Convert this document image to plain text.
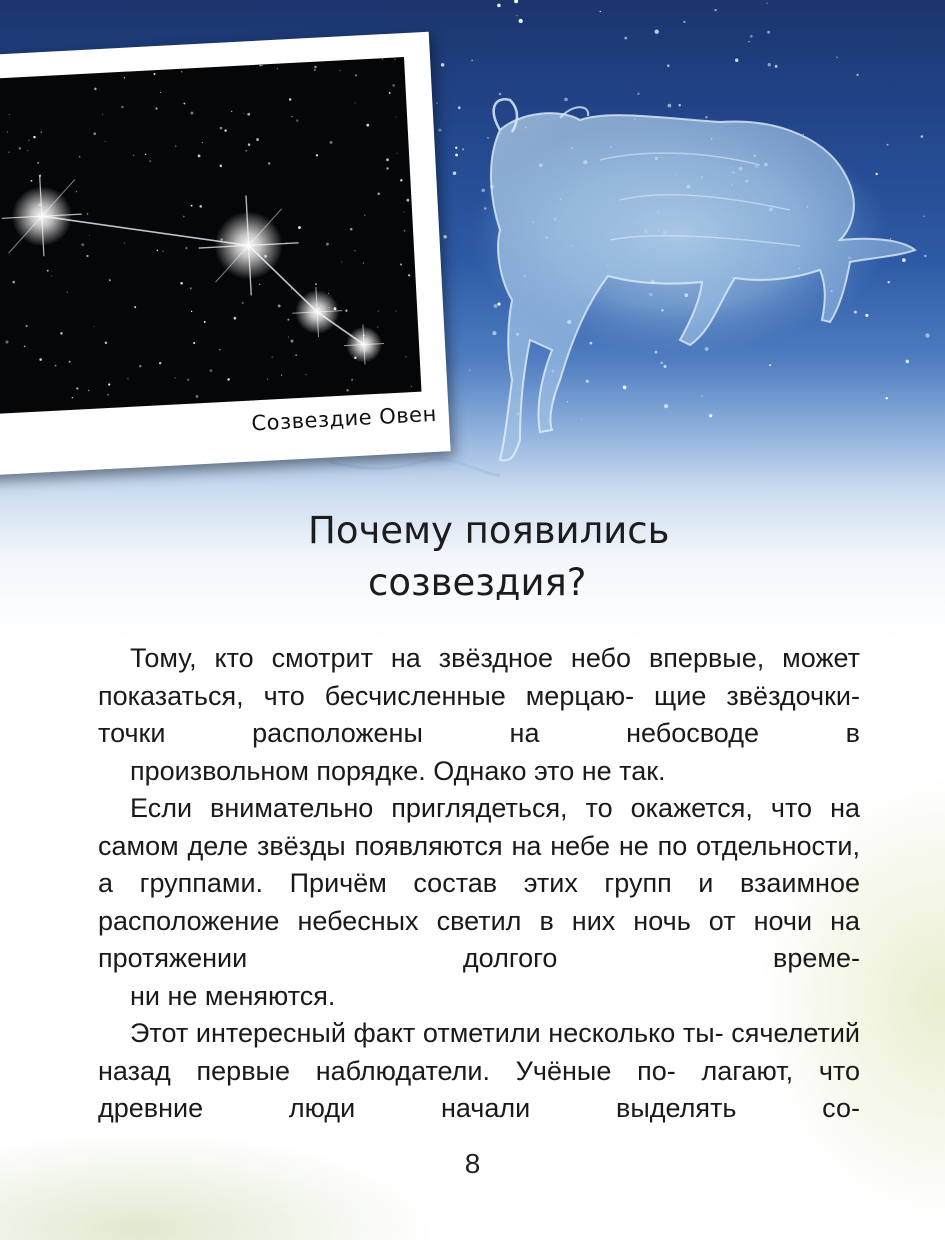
Созвездие Овен
Почему появились
созвездия?

Тому, кто смотрит на звёздное небо впервые, может показаться, что бесчисленные мерцаю- щие звёздочки-точки расположены на небосводе в
произвольном порядке. Однако это не так.

Если внимательно приглядеться, то окажется, что на самом деле звёзды появляются на небе не по отдельности, а группами. Причём состав этих групп и взаимное расположение небесных светил в них ночь от ночи на протяжении долгого време-
ни не меняются.

Этот интересный факт отметили несколько ты- сячелетий назад первые наблюдатели. Учёные по- лагают, что древние люди начали выделять со-

8
